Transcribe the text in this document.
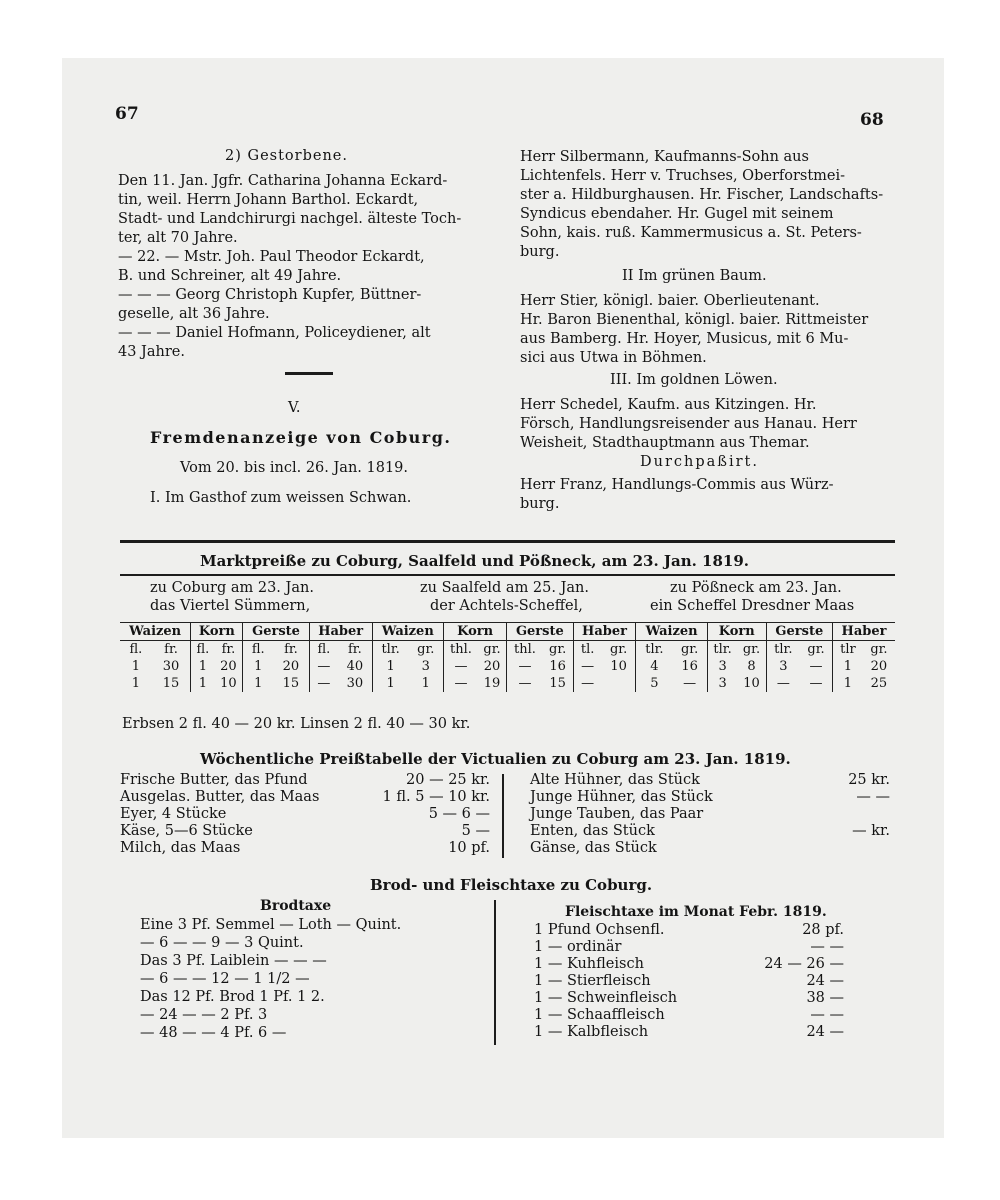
67
2) Gestorbene.
Den 11. Jan. Jgfr. Catharina Johanna Eckard-
tin, weil. Herrn Johann Barthol. Eckardt,
Stadt- und Landchirurgi nachgel. älteste Toch-
ter, alt 70 Jahre.
— 22. — Mstr. Joh. Paul Theodor Eckardt,
B. und Schreiner, alt 49 Jahre.
— — — Georg Christoph Kupfer, Büttner-
geselle, alt 36 Jahre.
— — — Daniel Hofmann, Policeydiener, alt
43 Jahre.
V.
Fremdenanzeige von Coburg.
Vom 20. bis incl. 26. Jan. 1819.
I. Im Gasthof zum weissen Schwan.
68
Herr Silbermann, Kaufmanns-Sohn aus
Lichtenfels. Herr v. Truchses, Oberforstmei-
ster a. Hildburghausen. Hr. Fischer, Landschafts-
Syndicus ebendaher. Hr. Gugel mit seinem
Sohn, kais. ruß. Kammermusicus a. St. Peters-
burg.
II Im grünen Baum.
Herr Stier, königl. baier. Oberlieutenant.
Hr. Baron Bienenthal, königl. baier. Rittmeister
aus Bamberg. Hr. Hoyer, Musicus, mit 6 Mu-
sici aus Utwa in Böhmen.
III. Im goldnen Löwen.
Herr Schedel, Kaufm. aus Kitzingen. Hr.
Försch, Handlungsreisender aus Hanau. Herr
Weisheit, Stadthauptmann aus Themar.
Durchpaßirt.
Herr Franz, Handlungs-Commis aus Würz-
burg.
Marktpreiße zu Coburg, Saalfeld und Pößneck, am 23. Jan. 1819.
zu Coburg am 23. Jan.
das Viertel Sümmern,
zu Saalfeld am 25. Jan.
der Achtels-Scheffel,
zu Pößneck am 23. Jan.
ein Scheffel Dresdner Maas
Waizen		Korn		Gerste		Haber		Waizen		Korn		Gerste		Haber		Waizen		Korn		Gerste		Haber	
fl.	fr.	fl.	fr.	fl.	fr.	fl.	fr.	tlr.	gr.	thl.	gr.	thl.	gr.	tl.	gr.	tlr.	gr.	tlr.	gr.	tlr.	gr.	tlr	gr.
1	30	1	20	1	20	—	40	1	3	—	20	—	16	—	10	4	16	3	8	3	—	1	20
1	15	1	10	1	15	—	30	1	1	—	19	—	15	—		5	—	3	10	—	—	1	25
Erbsen 2 fl. 40 — 20 kr. Linsen 2 fl. 40 — 30 kr.
Wöchentliche Preißtabelle der Victualien zu Coburg am 23. Jan. 1819.
Frische Butter, das Pfund	20 — 25 kr.
Ausgelas. Butter, das Maas	1 fl. 5 — 10 kr.
Eyer, 4 Stücke	5 — 6 —
Käse, 5—6 Stücke	5 —
Milch, das Maas	10 pf.
Alte Hühner, das Stück	25 kr.
Junge Hühner, das Stück	— —
Junge Tauben, das Paar
Enten, das Stück	— kr.
Gänse, das Stück
Brod- und Fleischtaxe zu Coburg.
Brodtaxe	Fleischtaxe im Monat Febr. 1819.
Eine 3 Pf. Semmel — Loth — Quint.
— 6 — — 9 — 3 Quint.
Das 3 Pf. Laiblein — — —
— 6 — — 12 — 1 1/2 —
Das 12 Pf. Brod 1 Pf. 1 2.
— 24 — — 2 Pf. 3
— 48 — — 4 Pf. 6 —
1 Pfund Ochsenfl.	28 pf.
1 — ordinär	— —
1 — Kuhfleisch	24 — 26 —
1 — Stierfleisch	24 —
1 — Schweinfleisch	38 —
1 — Schaaffleisch	— —
1 — Kalbfleisch	24 —
